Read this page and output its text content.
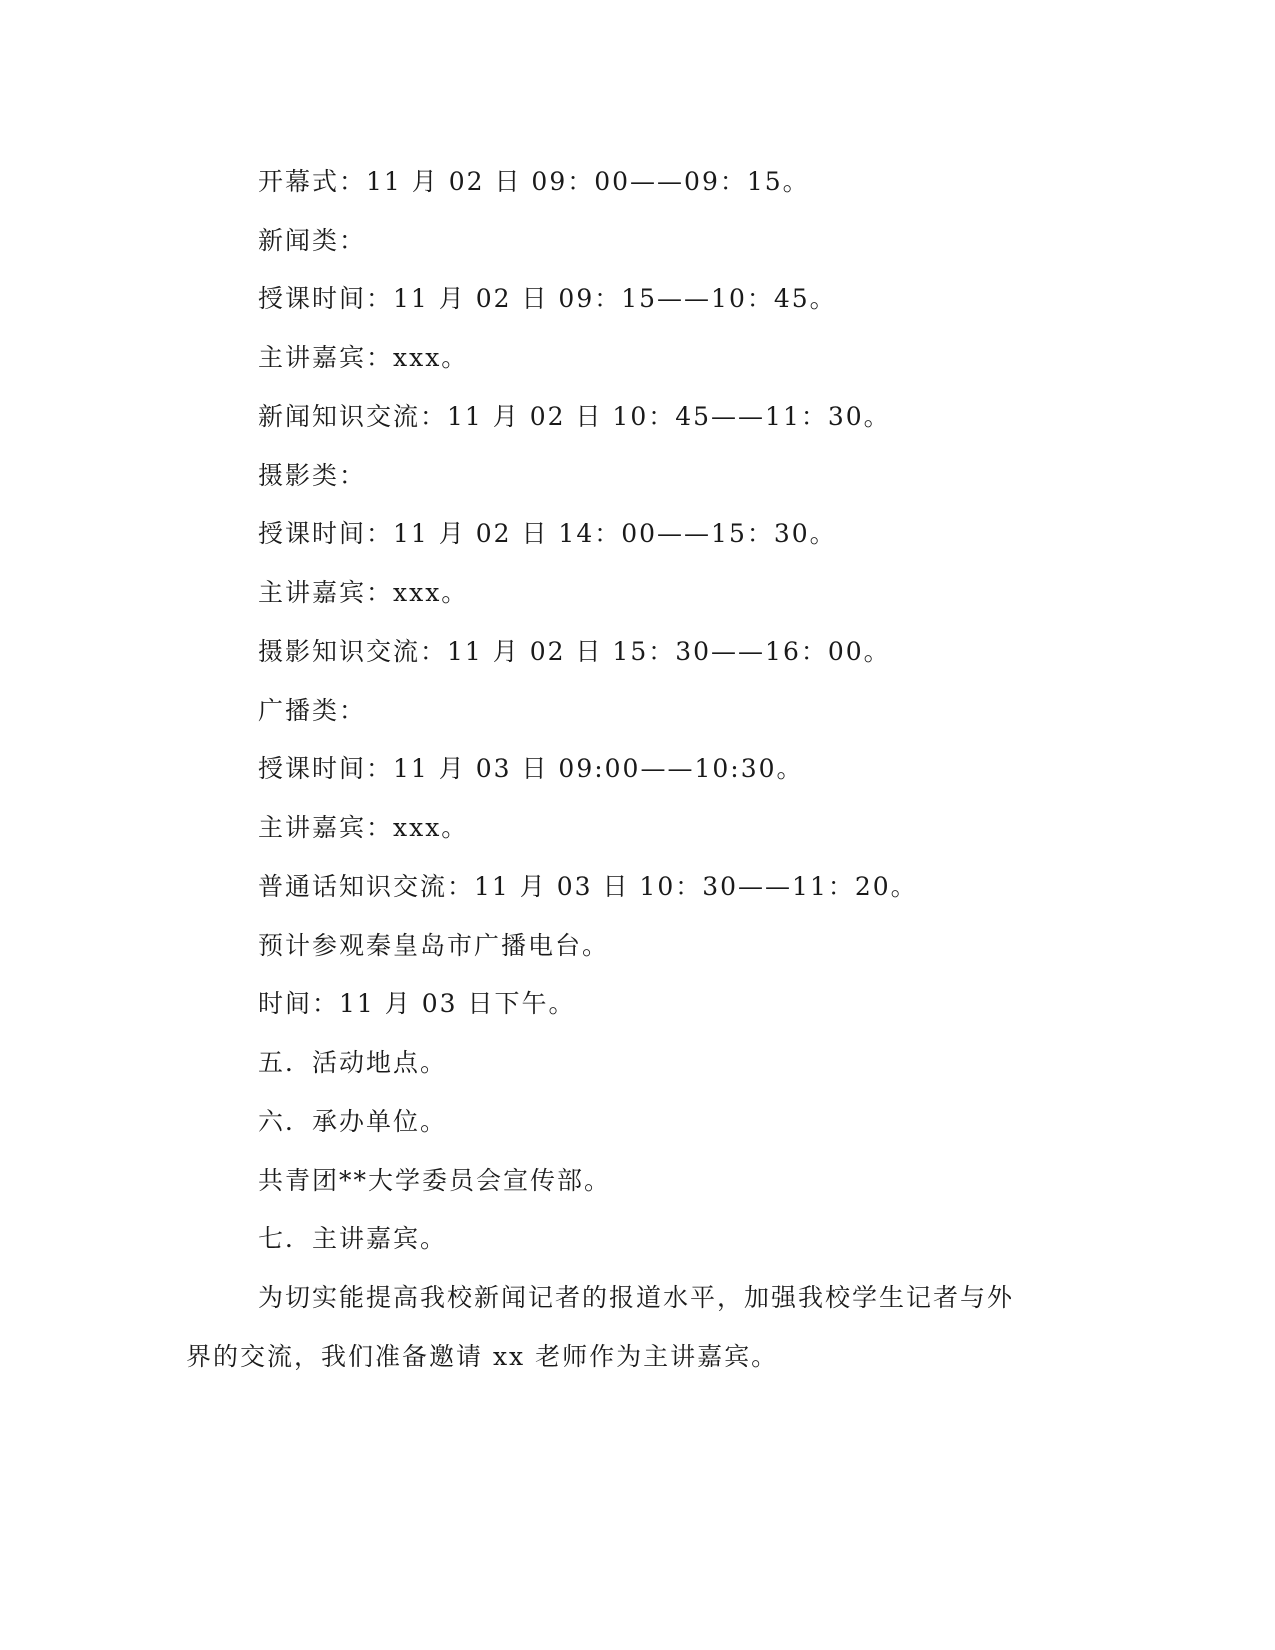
开幕式：11 月 02 日 09：00——09：15。
新闻类：
授课时间：11 月 02 日 09：15——10：45。
主讲嘉宾：xxx。
新闻知识交流：11 月 02 日 10：45——11：30。
摄影类：
授课时间：11 月 02 日 14：00——15：30。
主讲嘉宾：xxx。
摄影知识交流：11 月 02 日 15：30——16：00。
广播类：
授课时间：11 月 03 日 09:00——10:30。
主讲嘉宾：xxx。
普通话知识交流：11 月 03 日 10：30——11：20。
预计参观秦皇岛市广播电台。
时间：11 月 03 日下午。
五．活动地点。
六．承办单位。
共青团**大学委员会宣传部。
七．主讲嘉宾。
为切实能提高我校新闻记者的报道水平，加强我校学生记者与外
界的交流，我们准备邀请 xx 老师作为主讲嘉宾。
